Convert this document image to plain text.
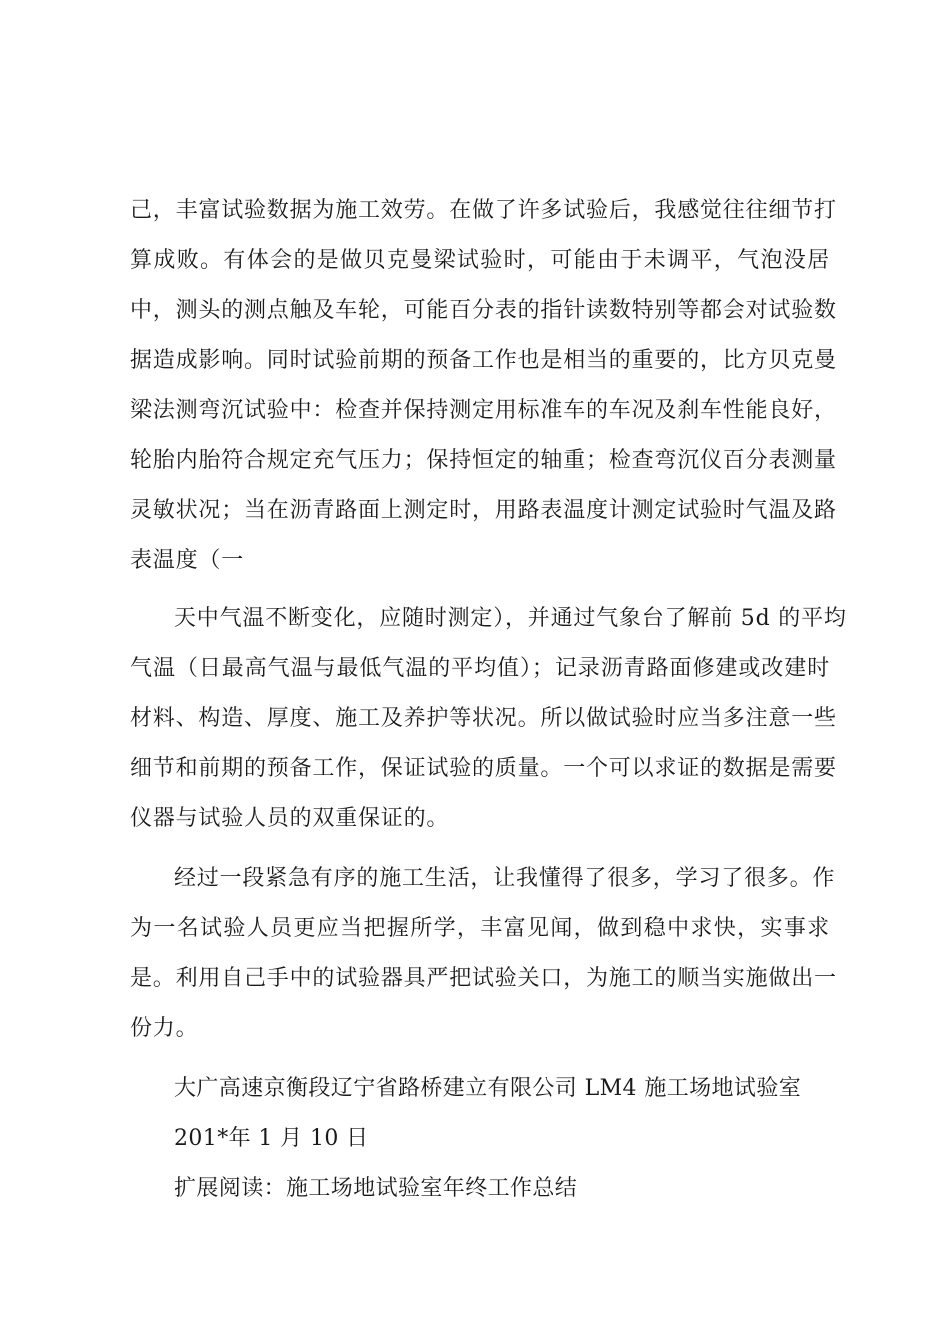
己，丰富试验数据为施工效劳。在做了许多试验后，我感觉往往细节打
算成败。有体会的是做贝克曼梁试验时，可能由于未调平，气泡没居
中，测头的测点触及车轮，可能百分表的指针读数特别等都会对试验数
据造成影响。同时试验前期的预备工作也是相当的重要的，比方贝克曼
梁法测弯沉试验中：检查并保持测定用标准车的车况及刹车性能良好，
轮胎内胎符合规定充气压力；保持恒定的轴重；检查弯沉仪百分表测量
灵敏状况；当在沥青路面上测定时，用路表温度计测定试验时气温及路
表温度（一
天中气温不断变化，应随时测定），并通过气象台了解前 5d 的平均
气温（日最高气温与最低气温的平均值）；记录沥青路面修建或改建时
材料、构造、厚度、施工及养护等状况。所以做试验时应当多注意一些
细节和前期的预备工作，保证试验的质量。一个可以求证的数据是需要
仪器与试验人员的双重保证的。
经过一段紧急有序的施工生活，让我懂得了很多，学习了很多。作
为一名试验人员更应当把握所学，丰富见闻，做到稳中求快，实事求
是。利用自己手中的试验器具严把试验关口，为施工的顺当实施做出一
份力。
大广高速京衡段辽宁省路桥建立有限公司 LM4 施工场地试验室
201*年 1 月 10 日
扩展阅读：施工场地试验室年终工作总结
